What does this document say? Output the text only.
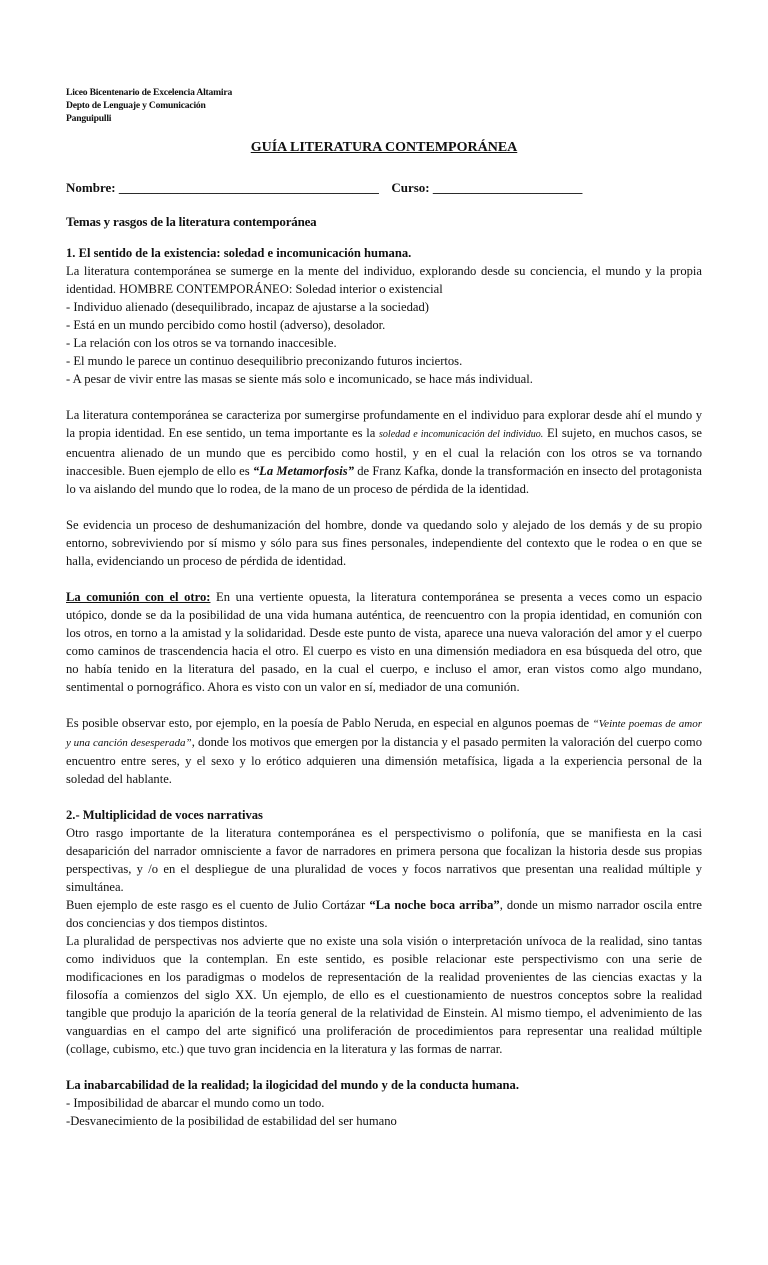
Liceo Bicentenario de Excelencia Altamira
Depto de Lenguaje y Comunicación
Panguipulli
GUÍA LITERATURA CONTEMPORÁNEA
Nombre: ________________________________________ Curso: _______________________
Temas y rasgos de la literatura contemporánea

1. El sentido de la existencia: soledad e incomunicación humana.

La literatura contemporánea se sumerge en la mente del individuo, explorando desde su conciencia, el mundo y la propia identidad. HOMBRE CONTEMPORÁNEO: Soledad interior o existencial

- Individuo alienado (desequilibrado, incapaz de ajustarse a la sociedad)

- Está en un mundo percibido como hostil (adverso), desolador.

- La relación con los otros se va tornando inaccesible.

- El mundo le parece un continuo desequilibrio preconizando futuros inciertos.

- A pesar de vivir entre las masas se siente más solo e incomunicado, se hace más individual.

La literatura contemporánea se caracteriza por sumergirse profundamente en el individuo para explorar desde ahí el mundo y la propia identidad. En ese sentido, un tema importante es la soledad e incomunicación del individuo. El sujeto, en muchos casos, se encuentra alienado de un mundo que es percibido como hostil, y en el cual la relación con los otros se va tornando inaccesible. Buen ejemplo de ello es “La Metamorfosis” de Franz Kafka, donde la transformación en insecto del protagonista lo va aislando del mundo que lo rodea, de la mano de un proceso de pérdida de la identidad.

Se evidencia un proceso de deshumanización del hombre, donde va quedando solo y alejado de los demás y de su propio entorno, sobreviviendo por sí mismo y sólo para sus fines personales, independiente del contexto que le rodea o en que se halla, evidenciando un proceso de pérdida de identidad.

La comunión con el otro: En una vertiente opuesta, la literatura contemporánea se presenta a veces como un espacio utópico, donde se da la posibilidad de una vida humana auténtica, de reencuentro con la propia identidad, en comunión con los otros, en torno a la amistad y la solidaridad. Desde este punto de vista, aparece una nueva valoración del amor y el cuerpo como caminos de trascendencia hacia el otro. El cuerpo es visto en una dimensión mediadora en esa búsqueda del otro, que no había tenido en la literatura del pasado, en la cual el cuerpo, e incluso el amor, eran vistos como algo mundano, sentimental o pornográfico. Ahora es visto con un valor en sí, mediador de una comunión.

Es posible observar esto, por ejemplo, en la poesía de Pablo Neruda, en especial en algunos poemas de “Veinte poemas de amor y una canción desesperada”, donde los motivos que emergen por la distancia y el pasado permiten la valoración del cuerpo como encuentro entre seres, y el sexo y lo erótico adquieren una dimensión metafísica, ligada a la experiencia personal de la soledad del hablante.

2.- Multiplicidad de voces narrativas

Otro rasgo importante de la literatura contemporánea es el perspectivismo o polifonía, que se manifiesta en la casi desaparición del narrador omnisciente a favor de narradores en primera persona que focalizan la historia desde sus propias perspectivas, y /o en el despliegue de una pluralidad de voces y focos narrativos que presentan una realidad múltiple y simultánea.

Buen ejemplo de este rasgo es el cuento de Julio Cortázar “La noche boca arriba”, donde un mismo narrador oscila entre dos conciencias y dos tiempos distintos.

La pluralidad de perspectivas nos advierte que no existe una sola visión o interpretación unívoca de la realidad, sino tantas como individuos que la contemplan. En este sentido, es posible relacionar este perspectivismo con una serie de modificaciones en los paradigmas o modelos de representación de la realidad provenientes de las ciencias exactas y la filosofía a comienzos del siglo XX. Un ejemplo, de ello es el cuestionamiento de nuestros conceptos sobre la realidad tangible que produjo la aparición de la teoría general de la relatividad de Einstein. Al mismo tiempo, el advenimiento de las vanguardias en el campo del arte significó una proliferación de procedimientos para representar una realidad múltiple (collage, cubismo, etc.) que tuvo gran incidencia en la literatura y las formas de narrar.

La inabarcabilidad de la realidad; la ilogicidad del mundo y de la conducta humana.

- Imposibilidad de abarcar el mundo como un todo.

-Desvanecimiento de la posibilidad de estabilidad del ser humano
